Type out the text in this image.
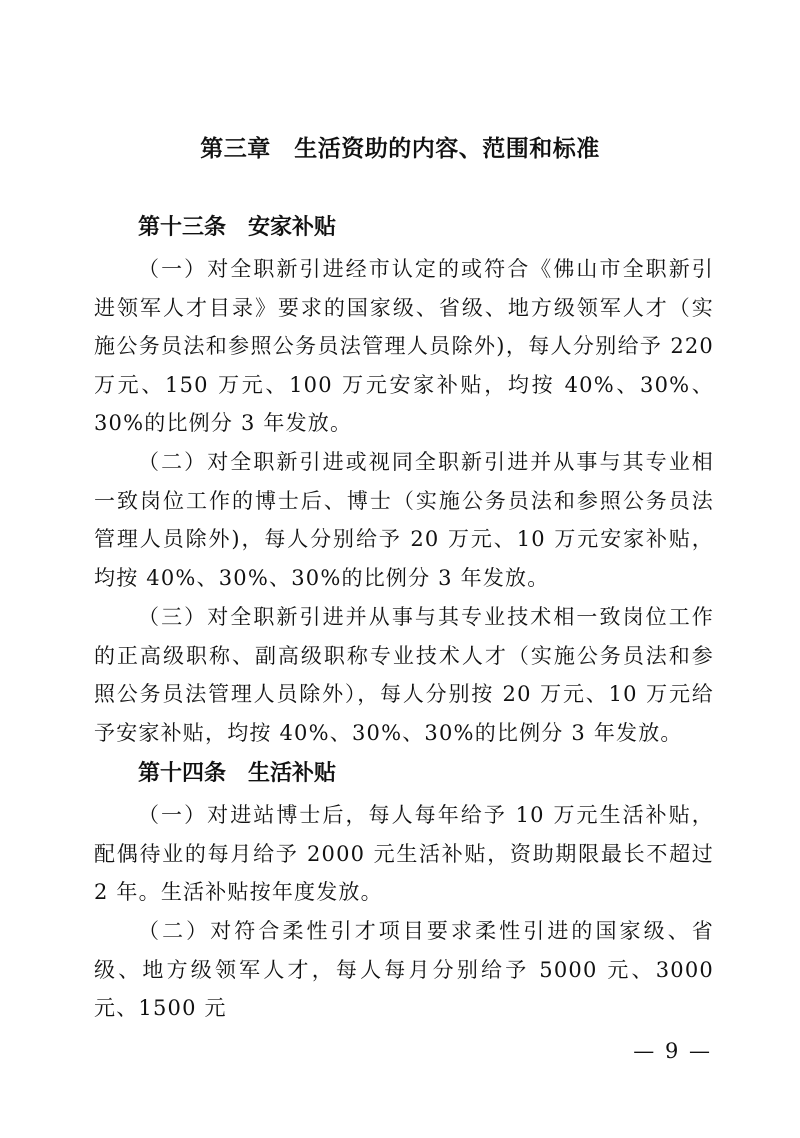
第三章　生活资助的内容、范围和标准
第十三条　安家补贴
（一）对全职新引进经市认定的或符合《佛山市全职新引进领军人才目录》要求的国家级、省级、地方级领军人才（实施公务员法和参照公务员法管理人员除外)，每人分别给予 220 万元、150 万元、100 万元安家补贴，均按 40%、30%、30%的比例分 3 年发放。
（二）对全职新引进或视同全职新引进并从事与其专业相一致岗位工作的博士后、博士（实施公务员法和参照公务员法管理人员除外)，每人分别给予 20 万元、10 万元安家补贴，均按 40%、30%、30%的比例分 3 年发放。
（三）对全职新引进并从事与其专业技术相一致岗位工作的正高级职称、副高级职称专业技术人才（实施公务员法和参照公务员法管理人员除外），每人分别按 20 万元、10 万元给予安家补贴，均按 40%、30%、30%的比例分 3 年发放。
第十四条　生活补贴
（一）对进站博士后，每人每年给予 10 万元生活补贴，配偶待业的每月给予 2000 元生活补贴，资助期限最长不超过 2 年。生活补贴按年度发放。
（二）对符合柔性引才项目要求柔性引进的国家级、省级、地方级领军人才，每人每月分别给予 5000 元、3000 元、1500 元
— 9 —
